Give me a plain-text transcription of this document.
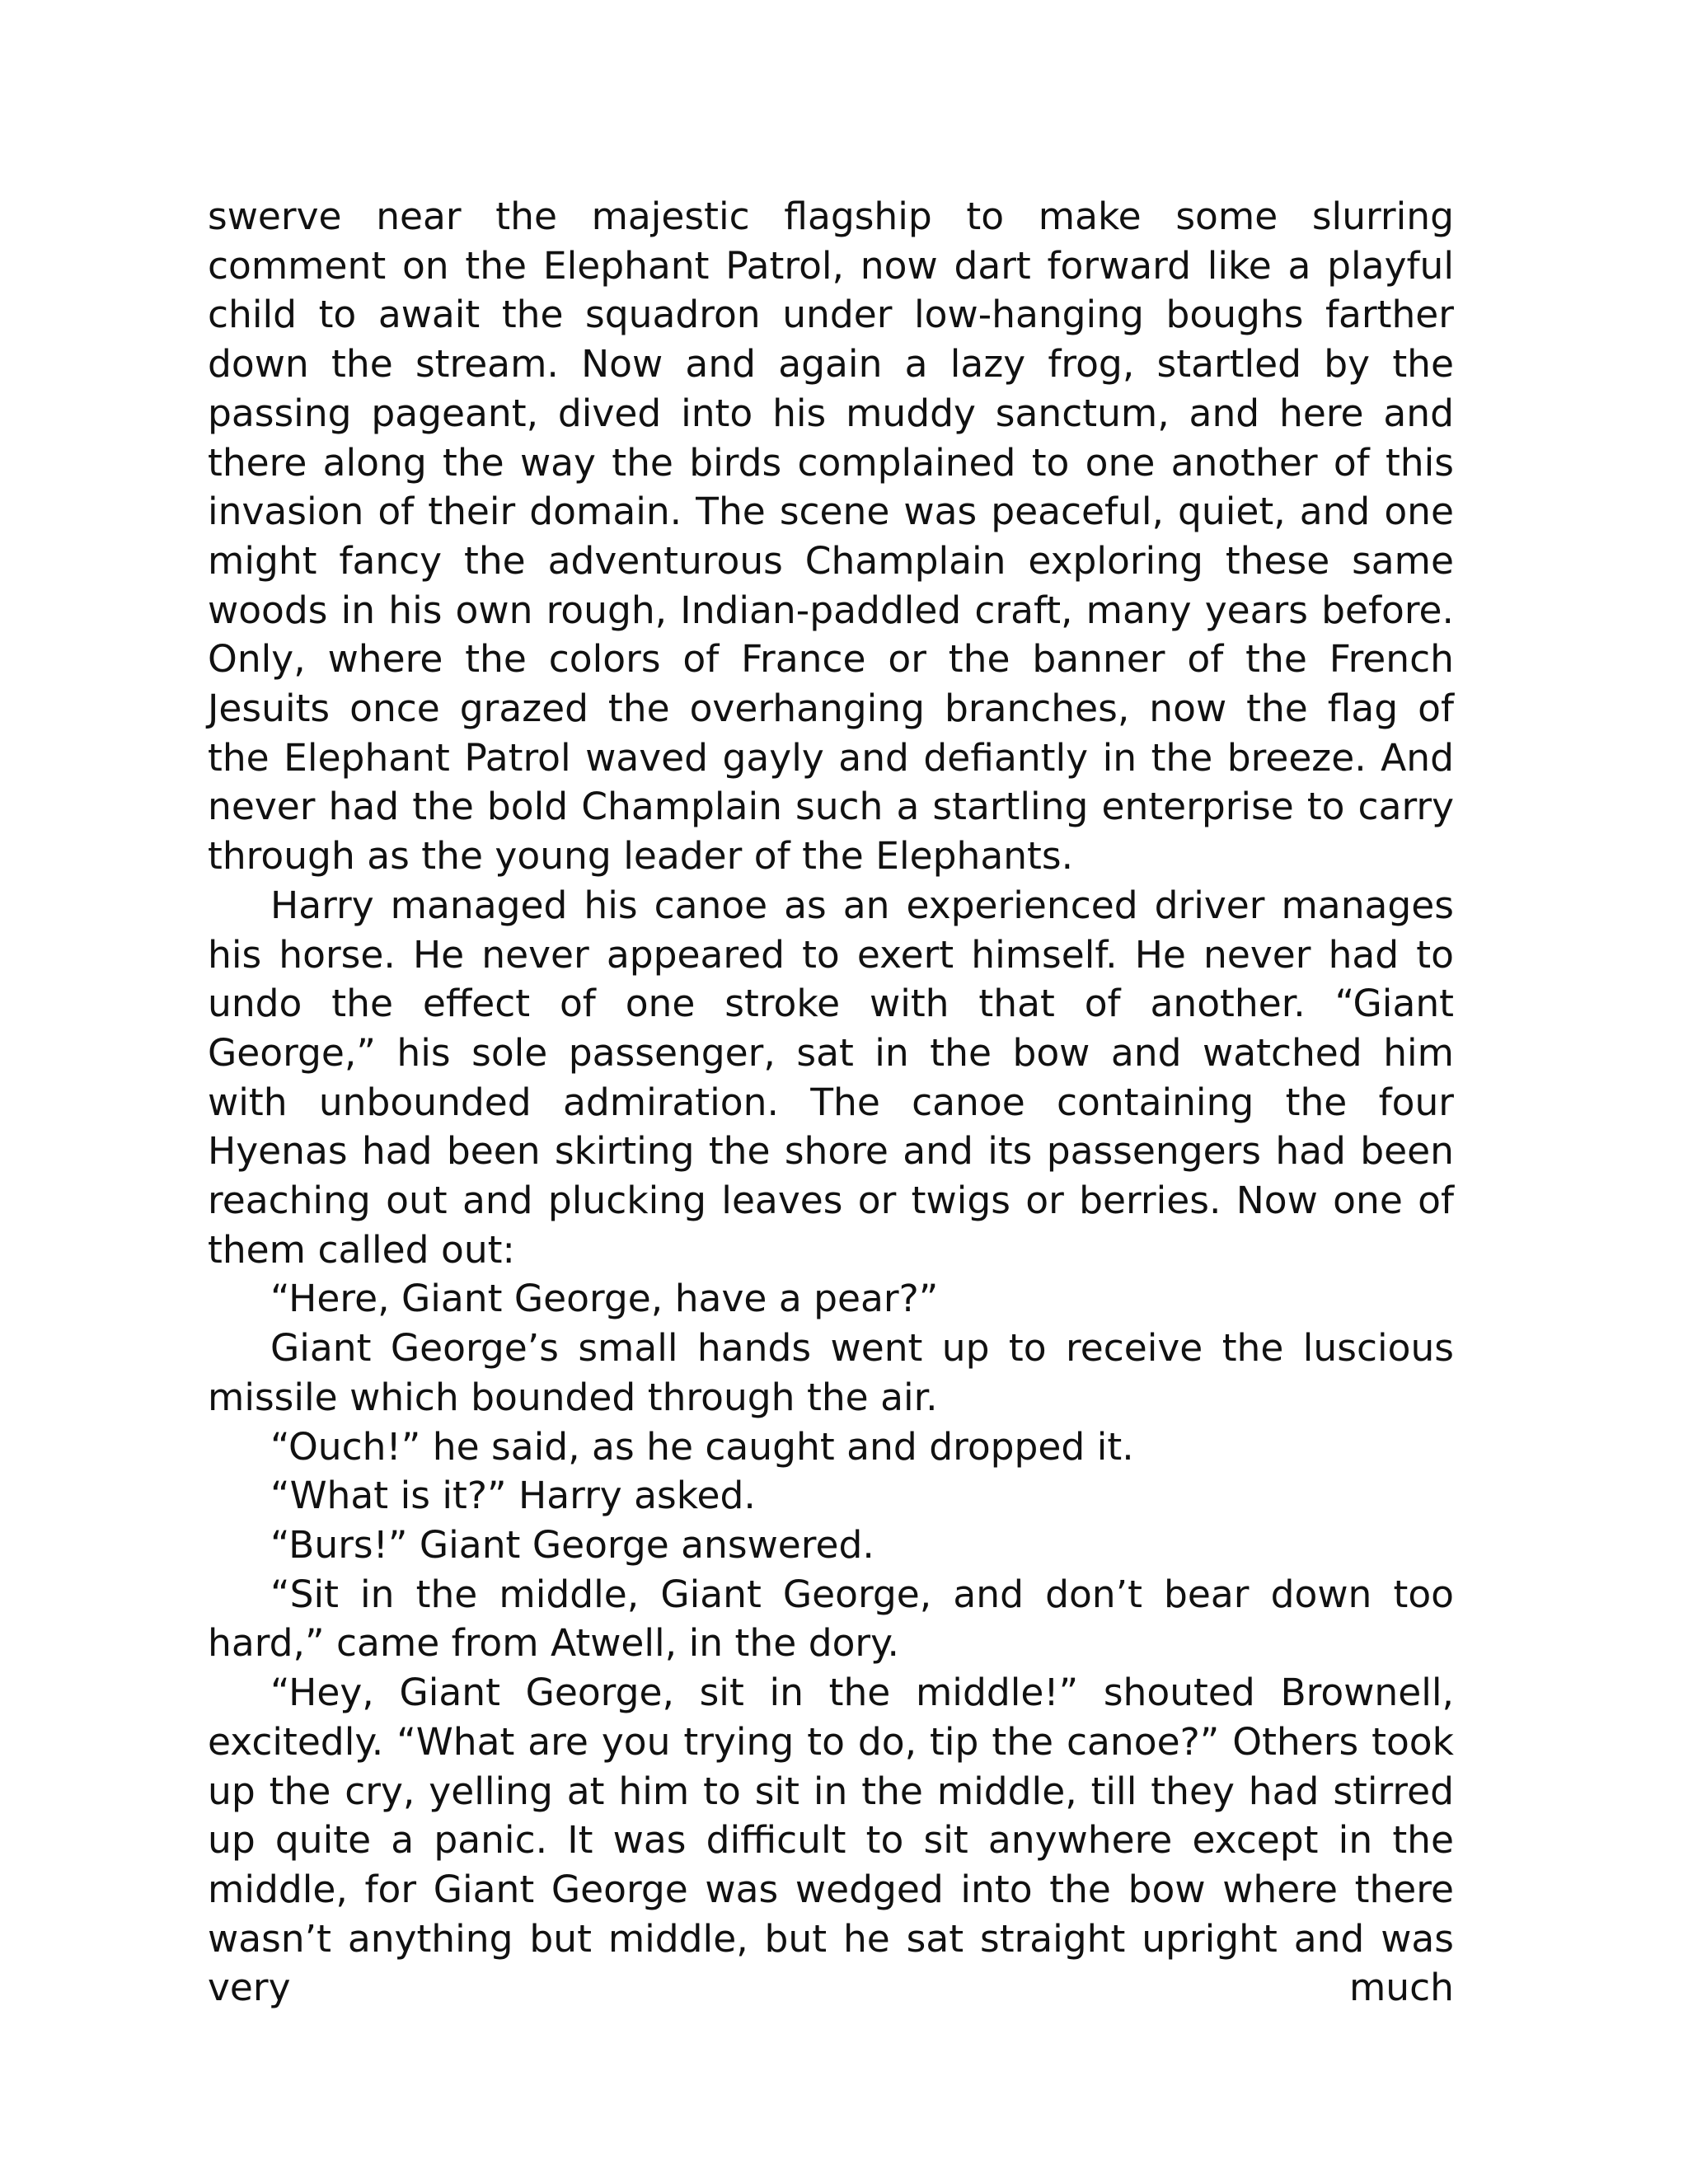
swerve near the majestic flagship to make some slurring comment on the Elephant Patrol, now dart forward like a playful child to await the squadron under low-hanging boughs farther down the stream. Now and again a lazy frog, startled by the passing pageant, dived into his muddy sanctum, and here and there along the way the birds complained to one another of this invasion of their domain. The scene was peaceful, quiet, and one might fancy the adventurous Champlain exploring these same woods in his own rough, Indian-paddled craft, many years before. Only, where the colors of France or the banner of the French Jesuits once grazed the overhanging branches, now the flag of the Elephant Patrol waved gayly and defiantly in the breeze. And never had the bold Champlain such a startling enterprise to carry through as the young leader of the Elephants.

Harry managed his canoe as an experienced driver manages his horse. He never appeared to exert himself. He never had to undo the effect of one stroke with that of another. “Giant George,” his sole passenger, sat in the bow and watched him with unbounded admiration. The canoe containing the four Hyenas had been skirting the shore and its passengers had been reaching out and plucking leaves or twigs or berries. Now one of them called out:

“Here, Giant George, have a pear?”

Giant George’s small hands went up to receive the luscious missile which bounded through the air.

“Ouch!” he said, as he caught and dropped it.

“What is it?” Harry asked.

“Burs!” Giant George answered.

“Sit in the middle, Giant George, and don’t bear down too hard,” came from Atwell, in the dory.

“Hey, Giant George, sit in the middle!” shouted Brownell, excitedly. “What are you trying to do, tip the canoe?” Others took up the cry, yelling at him to sit in the middle, till they had stirred up quite a panic. It was difficult to sit anywhere except in the middle, for Giant George was wedged into the bow where there wasn’t anything but middle, but he sat straight upright and was very much
